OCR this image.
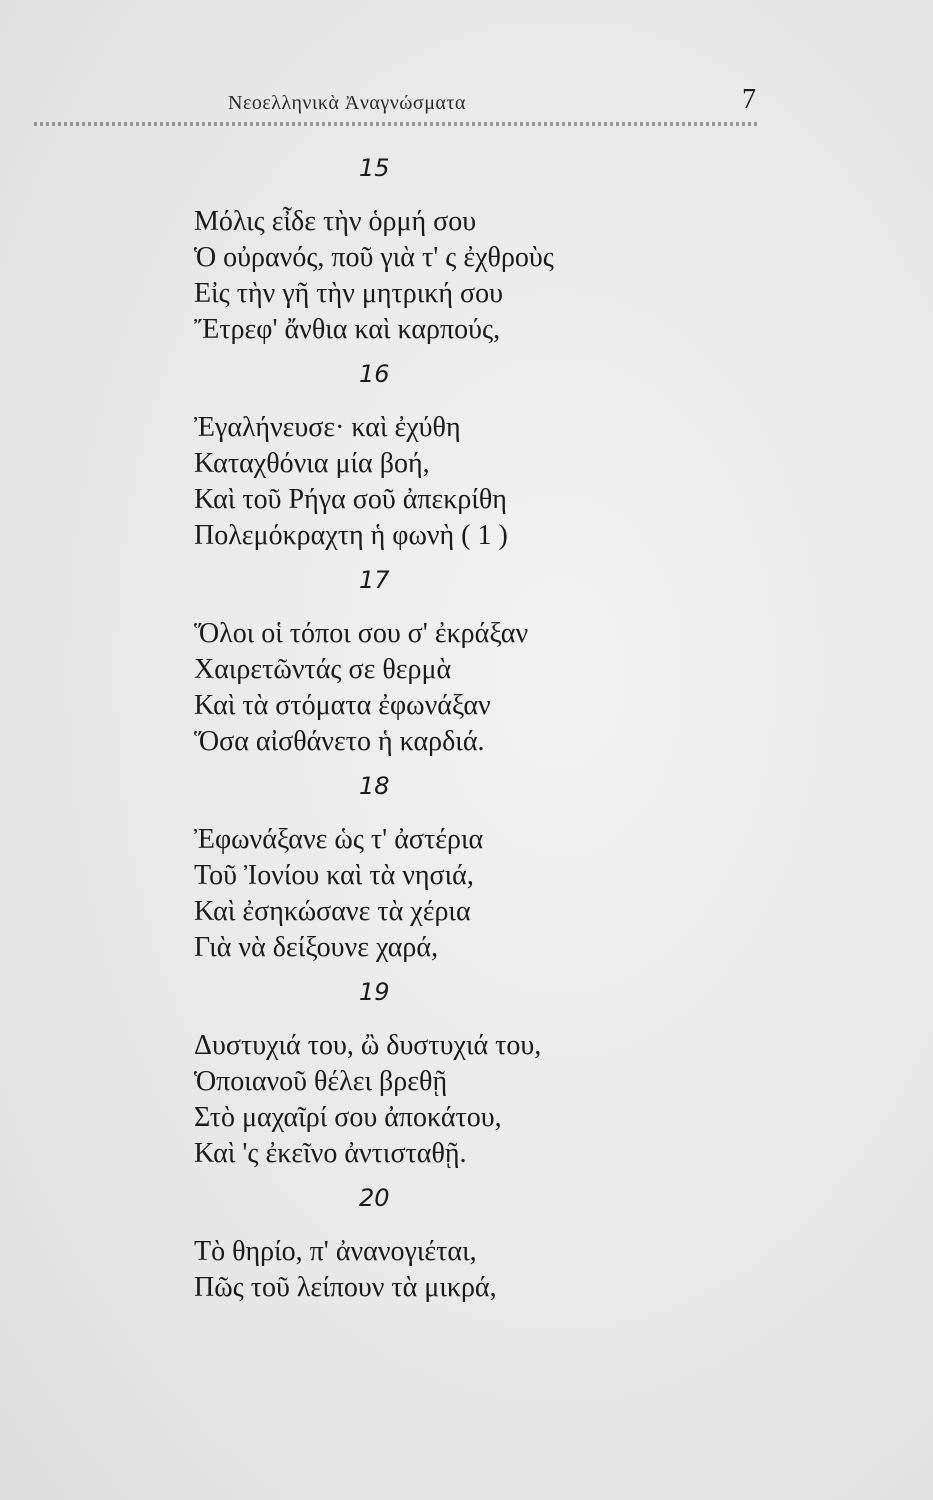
Νεοελληνικὰ Ἀναγνώσματα	7
15
Μόλις εἶδε τὴν ὁρμή σου
Ὁ οὐρανός, ποῦ γιὰ τ' ς ἐχθροὺς
Εἰς τὴν γῆ τὴν μητρική σου
Ἔτρεφ' ἄνθια καὶ καρπούς,
16
Ἐγαλήνευσε· καὶ ἐχύθη
Καταχθόνια μία βοή,
Καὶ τοῦ Ρήγα σοῦ ἀπεκρίθη
Πολεμόκραχτη ἡ φωνὴ ( 1 )
17
Ὅλοι οἱ τόποι σου σ' ἐκράξαν
Χαιρετῶντάς σε θερμὰ
Καὶ τὰ στόματα ἐφωνάξαν
Ὅσα αἰσθάνετο ἡ καρδιά.
18
Ἐφωνάξανε ὡς τ' ἀστέρια
Τοῦ Ἰονίου καὶ τὰ νησιά,
Καὶ ἐσηκώσανε τὰ χέρια
Γιὰ νὰ δείξουνε χαρά,
19
Δυστυχιά του, ὢ δυστυχιά του,
Ὁποιανοῦ θέλει βρεθῇ
Στὸ μαχαῖρί σου ἀποκάτου,
Καὶ 'ς ἐκεῖνο ἀντισταθῇ.
20
Τὸ θηρίο, π' ἀνανογιέται,
Πῶς τοῦ λείπουν τὰ μικρά,
